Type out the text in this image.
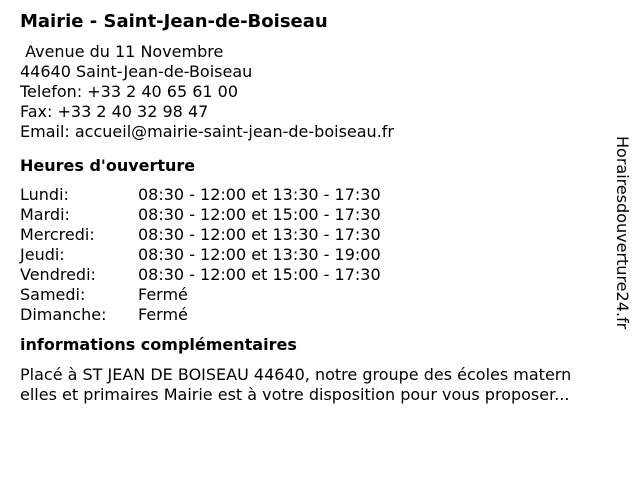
Mairie - Saint-Jean-de-Boiseau
Avenue du 11 Novembre
44640 Saint-Jean-de-Boiseau
Telefon: +33 2 40 65 61 00
Fax: +33 2 40 32 98 47
Email: accueil@mairie-saint-jean-de-boiseau.fr
Heures d'ouverture
Lundi:	08:30 - 12:00 et 13:30 - 17:30
Mardi:	08:30 - 12:00 et 15:00 - 17:30
Mercredi:	08:30 - 12:00 et 13:30 - 17:30
Jeudi:	08:30 - 12:00 et 13:30 - 19:00
Vendredi:	08:30 - 12:00 et 15:00 - 17:30
Samedi:	Fermé
Dimanche:	Fermé
informations complémentaires
Placé à ST JEAN DE BOISEAU 44640, notre groupe des écoles matern
elles et primaires Mairie est à votre disposition pour vous proposer...
Horairesdouverture24.fr
